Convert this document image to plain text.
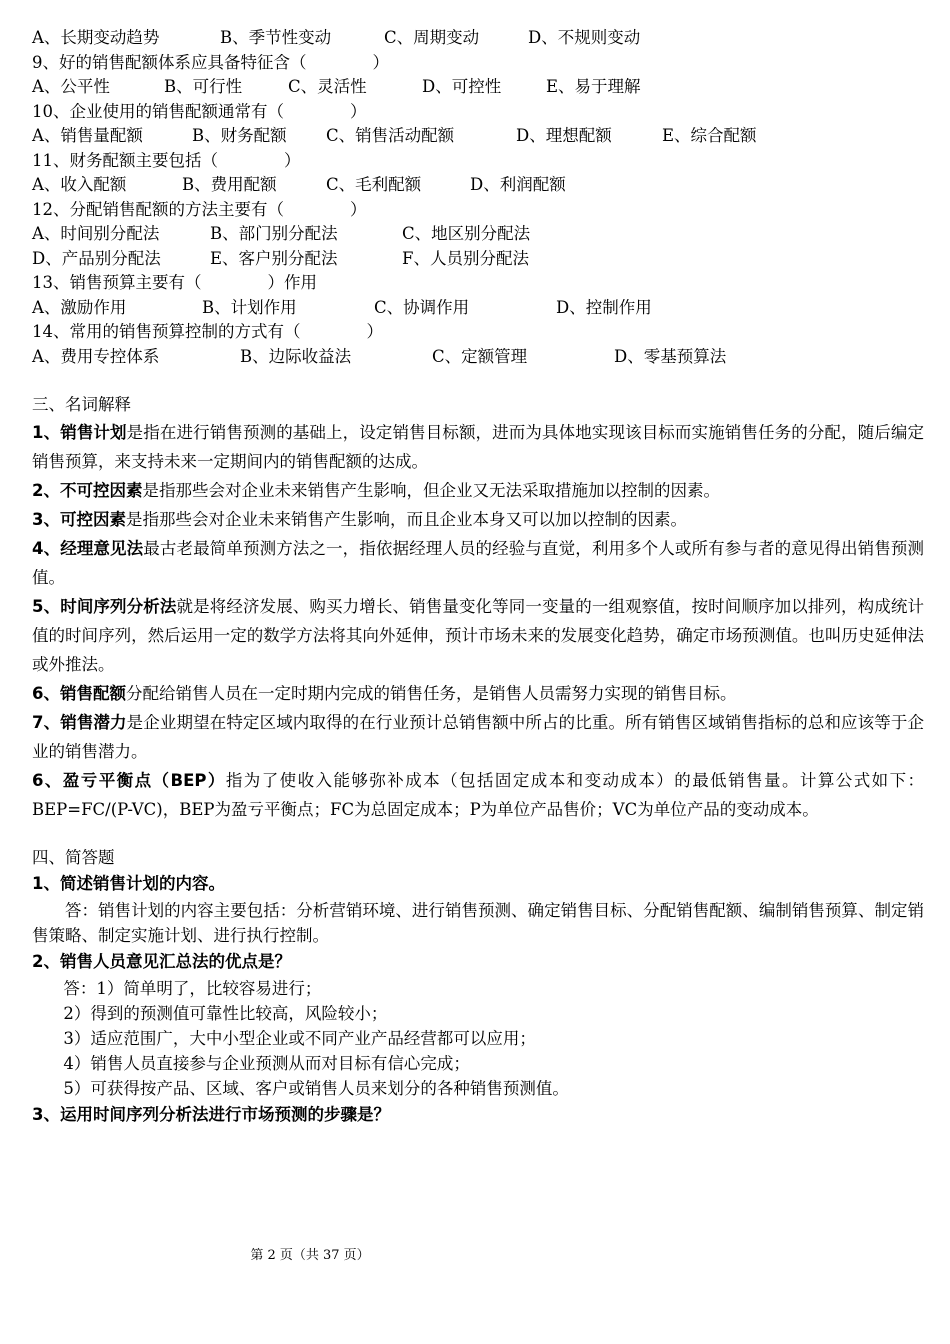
A、长期变动趋势	B、季节性变动	C、周期变动	D、不规则变动
9、好的销售配额体系应具备特征含（　　　　）
A、公平性	B、可行性	C、灵活性	D、可控性	E、易于理解
10、企业使用的销售配额通常有（　　　　）
A、销售量配额	B、财务配额 C、销售活动配额	D、理想配额	E、综合配额
11、财务配额主要包括（　　　　）
A、收入配额	B、费用配额	C、毛利配额	D、利润配额
12、分配销售配额的方法主要有（　　　　）
A、时间别分配法	B、部门别分配法	C、地区别分配法
D、产品别分配法	E、客户别分配法	F、人员别分配法
13、销售预算主要有（　　　　）作用
A、激励作用	B、计划作用	C、协调作用	D、控制作用
14、常用的销售预算控制的方式有（　　　　）
A、费用专控体系	B、边际收益法	C、定额管理	D、零基预算法
三、名词解释

1、销售计划是指在进行销售预测的基础上，设定销售目标额，进而为具体地实现该目标而实施销售任务的分配，随后编定销售预算，来支持未来一定期间内的销售配额的达成。

2、不可控因素是指那些会对企业未来销售产生影响，但企业又无法采取措施加以控制的因素。

3、可控因素是指那些会对企业未来销售产生影响，而且企业本身又可以加以控制的因素。

4、经理意见法最古老最简单预测方法之一，指依据经理人员的经验与直觉，利用多个人或所有参与者的意见得出销售预测值。

5、时间序列分析法就是将经济发展、购买力增长、销售量变化等同一变量的一组观察值，按时间顺序加以排列，构成统计值的时间序列，然后运用一定的数学方法将其向外延伸，预计市场未来的发展变化趋势，确定市场预测值。也叫历史延伸法或外推法。

6、销售配额分配给销售人员在一定时期内完成的销售任务，是销售人员需努力实现的销售目标。

7、销售潜力是企业期望在特定区域内取得的在行业预计总销售额中所占的比重。所有销售区域销售指标的总和应该等于企业的销售潜力。

6、盈亏平衡点（BEP）指为了使收入能够弥补成本（包括固定成本和变动成本）的最低销售量。计算公式如下：BEP=FC/(P-VC)，BEP为盈亏平衡点；FC为总固定成本；P为单位产品售价；VC为单位产品的变动成本。

四、简答题
1、简述销售计划的内容。
答：销售计划的内容主要包括：分析营销环境、进行销售预测、确定销售目标、分配销售配额、编制销售预算、制定销售策略、制定实施计划、进行执行控制。
2、销售人员意见汇总法的优点是？
答：1）简单明了，比较容易进行；
2）得到的预测值可靠性比较高，风险较小；
3）适应范围广，大中小型企业或不同产业产品经营都可以应用；
4）销售人员直接参与企业预测从而对目标有信心完成；
5）可获得按产品、区域、客户或销售人员来划分的各种销售预测值。
3、运用时间序列分析法进行市场预测的步骤是？
第 2 页（共 37 页）
